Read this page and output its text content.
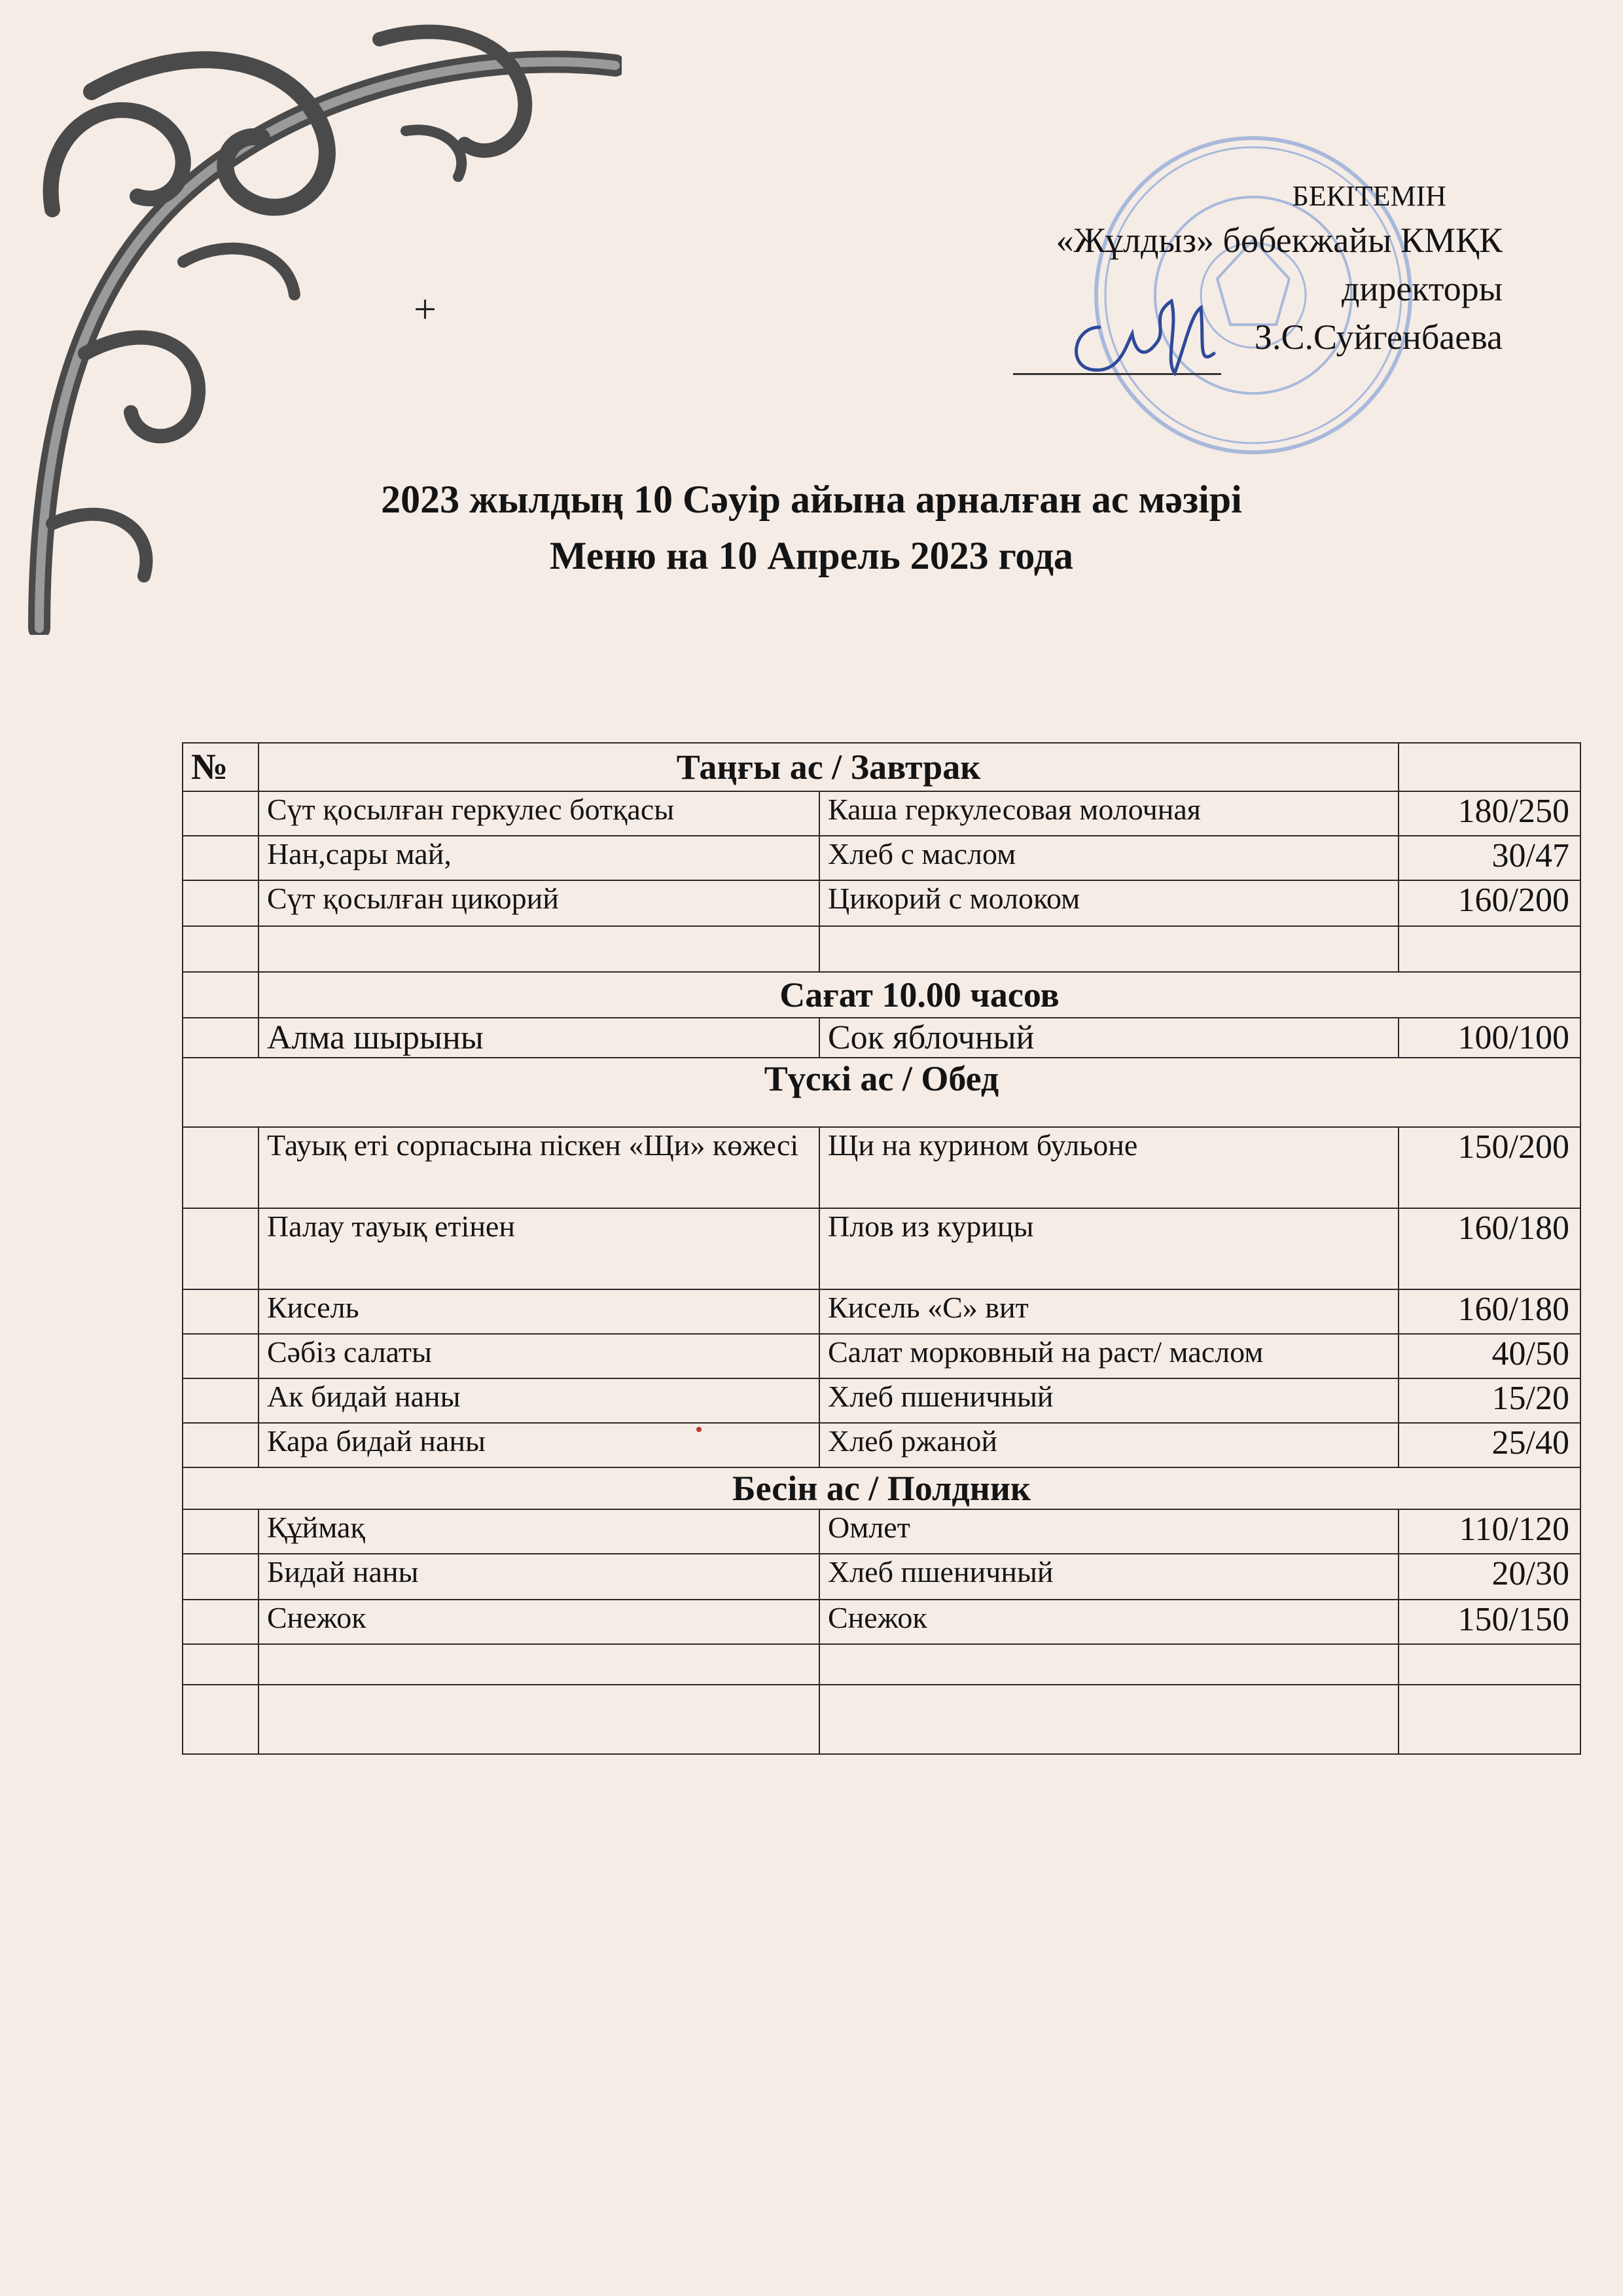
+
БЕКІТЕМІН
«Жұлдыз» бөбекжайы КМҚК
директоры
З.С.Суйгенбаева
2023 жылдың 10 Сәуір айына арналған ас мәзірі
Меню на 10 Апрель 2023 года
№	Таңғы ас / Завтрак		
	Сүт қосылған геркулес ботқасы	Каша геркулесовая молочная	180/250
	Нан,сары май,	Хлеб с маслом	30/47
	Сүт қосылған цикорий	Цикорий с молоком	160/200

	Сағат 10.00 часов		
	Алма шырыны	Сок яблочный	100/100
Түскі ас / Обед			
	Тауық еті сорпасына піскен «Щи» көжесі	Щи на курином бульоне	150/200
	Палау тауық етінен	Плов из курицы	160/180
	Кисель	Кисель «С» вит	160/180
	Сәбіз салаты	Салат морковный на раст/ маслом	40/50
	Ак бидай наны	Хлеб пшеничный	15/20
	Кара бидай наны	Хлеб ржаной	25/40
Бесін ас / Полдник			
	Құймақ	Омлет	110/120
	Бидай наны	Хлеб пшеничный	20/30
	Снежок	Снежок	150/150
